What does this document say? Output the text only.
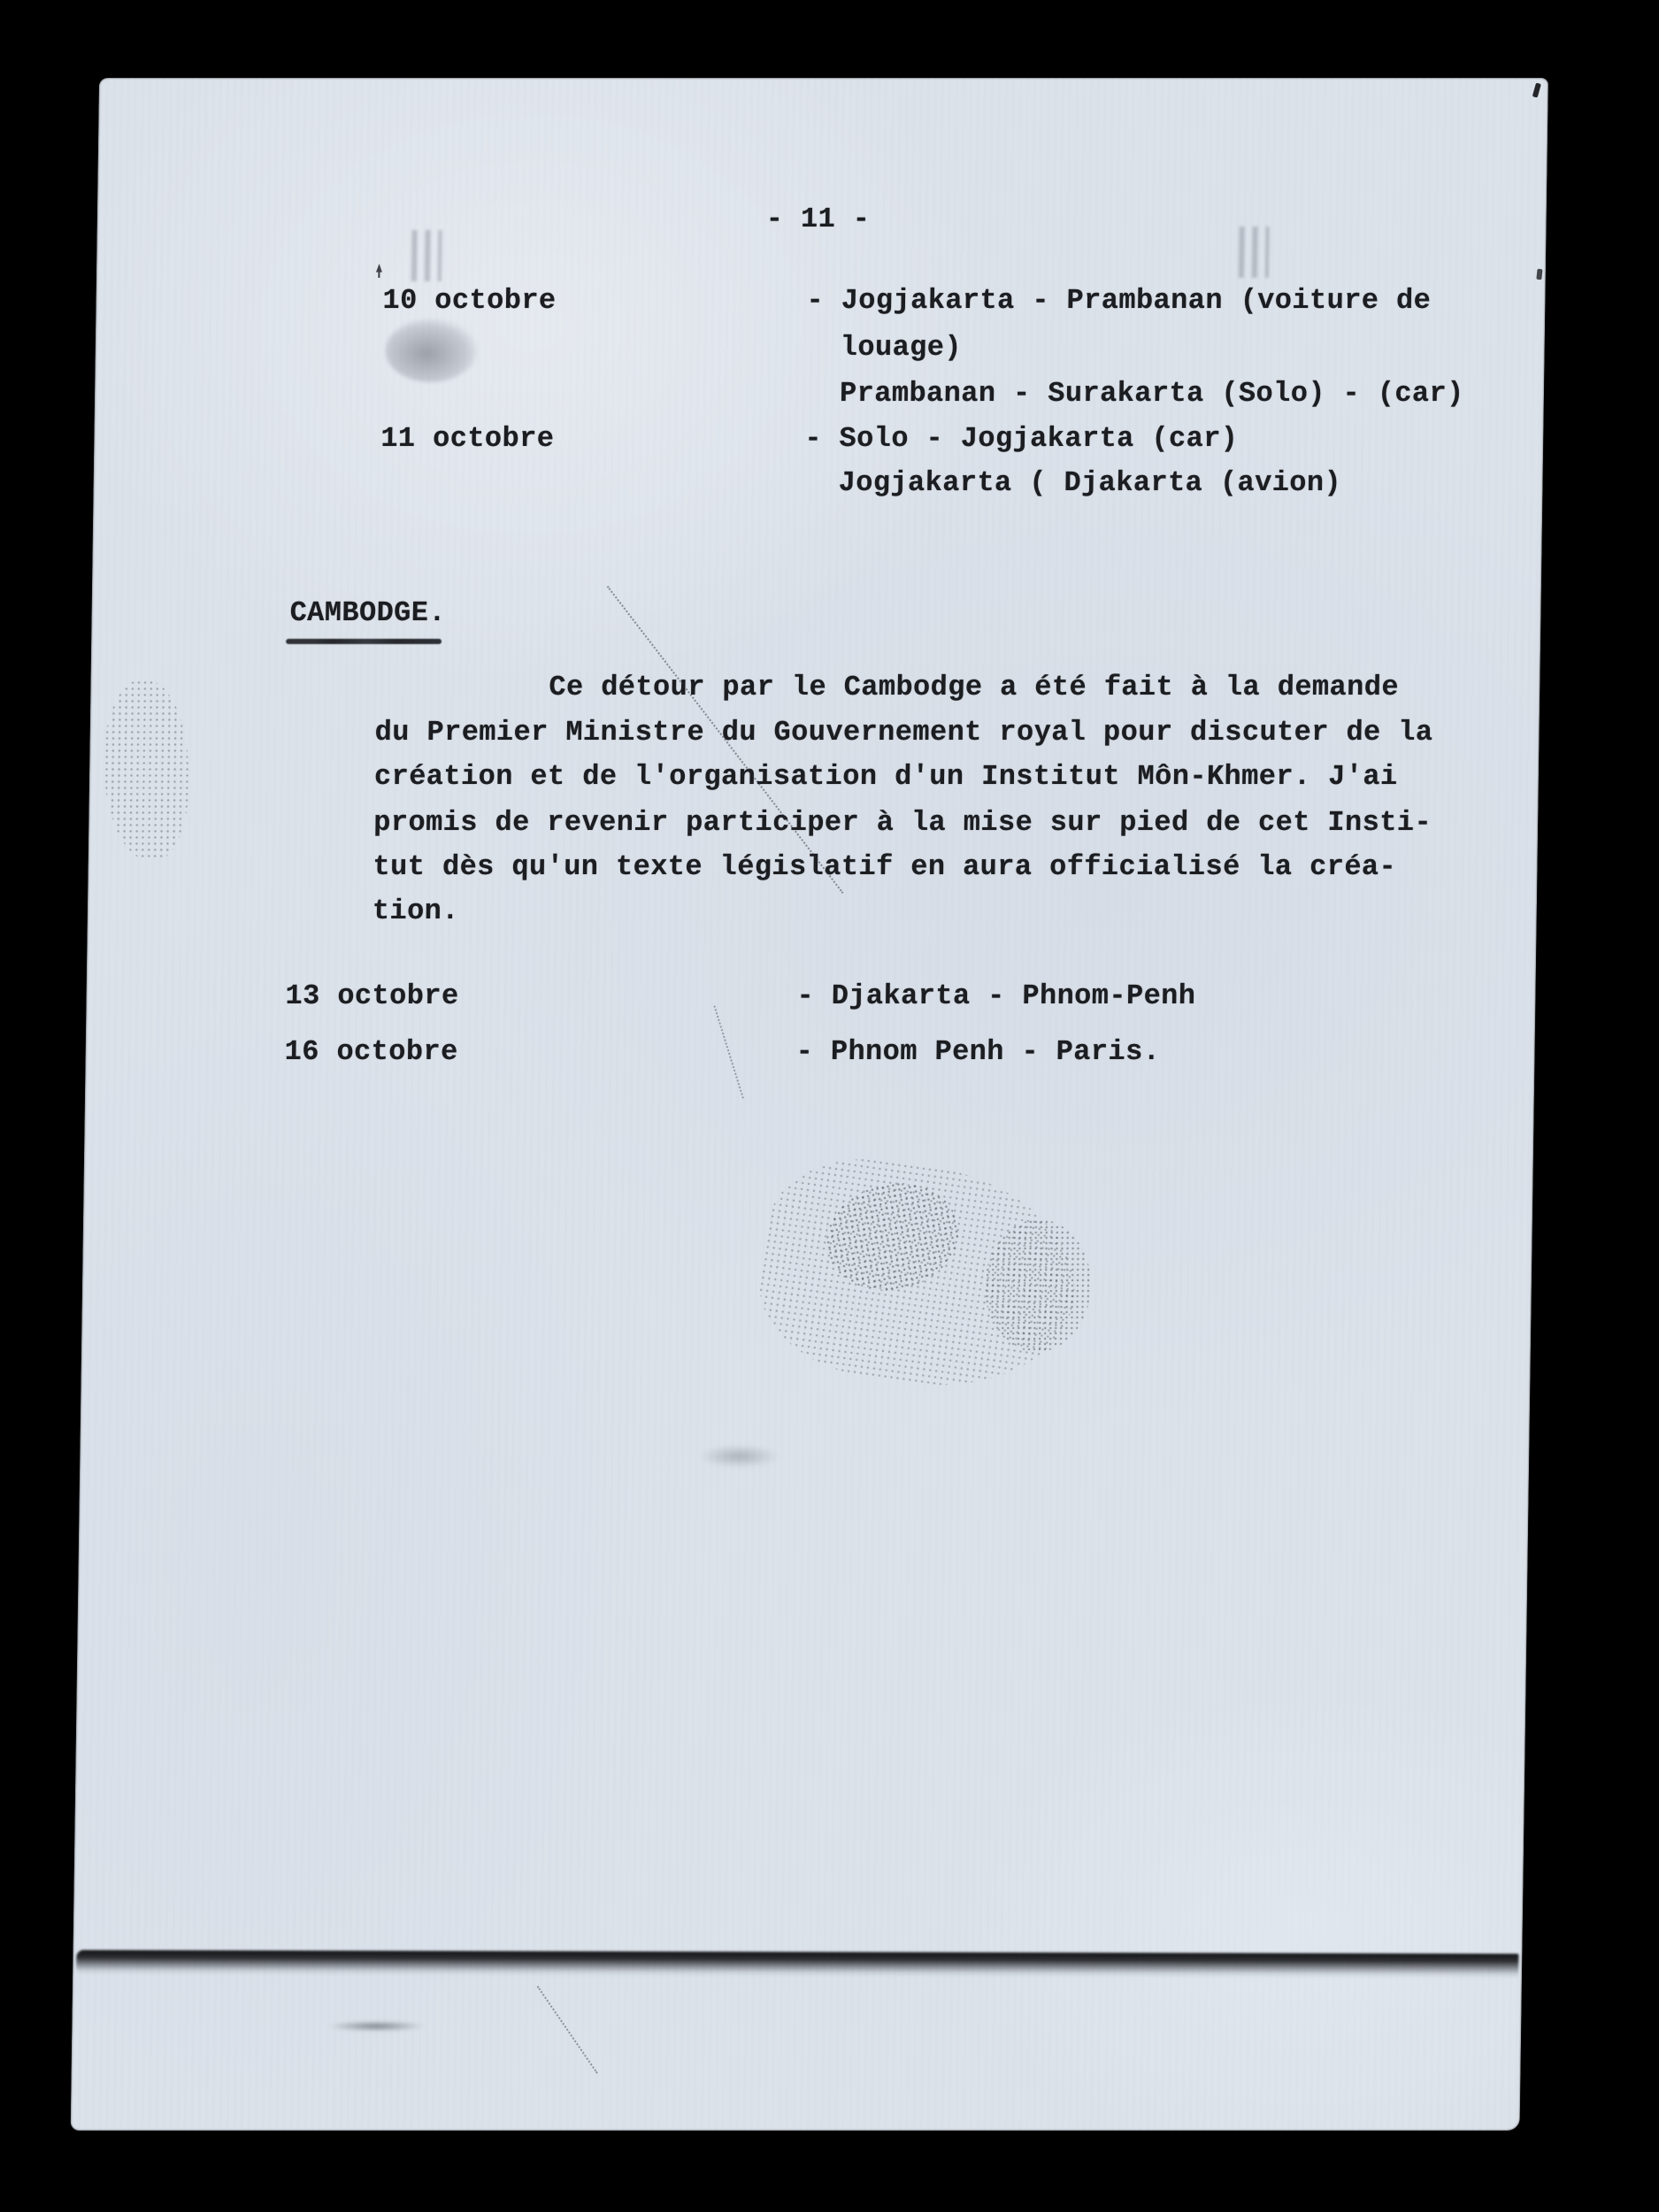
- 11 -
10 octobre	- Jogjakarta - Prambanan (voiture de
louage)
Prambanan - Surakarta (Solo) - (car)
11 octobre	- Solo - Jogjakarta (car)
Jogjakarta ( Djakarta (avion)
CAMBODGE.
Ce détour par le Cambodge a été fait à la demande
du Premier Ministre du Gouvernement royal pour discuter de la
création et de l'organisation d'un Institut Môn-Khmer. J'ai
promis de revenir participer à la mise sur pied de cet Insti-
tut dès qu'un texte législatif en aura officialisé la créa-
tion.
13 octobre	- Djakarta - Phnom-Penh
16 octobre	- Phnom Penh - Paris.
